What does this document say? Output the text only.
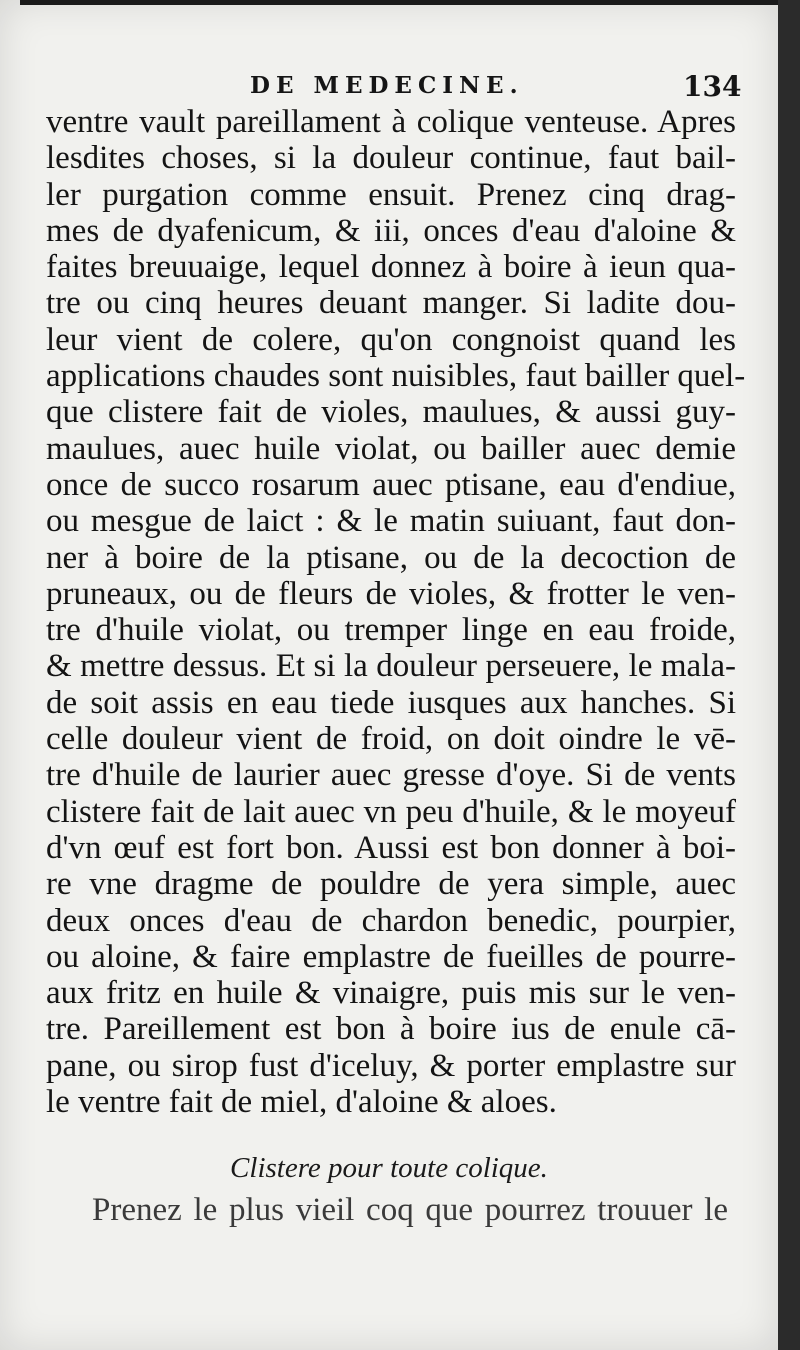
DE MEDECINE.	134
ventre vault pareillament à colique venteuse. Apres
lesdites choses, si la douleur continue, faut bail-
ler purgation comme ensuit. Prenez cinq drag-
mes de dyafenicum, & iii, onces d'eau d'aloine &
faites breuuaige, lequel donnez à boire à ieun qua-
tre ou cinq heures deuant manger. Si ladite dou-
leur vient de colere, qu'on congnoist quand les
applications chaudes sont nuisibles, faut bailler quel-
que clistere fait de violes, maulues, & aussi guy-
maulues, auec huile violat, ou bailler auec demie
once de succo rosarum auec ptisane, eau d'endiue,
ou mesgue de laict : & le matin suiuant, faut don-
ner à boire de la ptisane, ou de la decoction de
pruneaux, ou de fleurs de violes, & frotter le ven-
tre d'huile violat, ou tremper linge en eau froide,
& mettre dessus. Et si la douleur perseuere, le mala-
de soit assis en eau tiede iusques aux hanches. Si
celle douleur vient de froid, on doit oindre le vē-
tre d'huile de laurier auec gresse d'oye. Si de vents
clistere fait de lait auec vn peu d'huile, & le moyeuf
d'vn œuf est fort bon. Aussi est bon donner à boi-
re vne dragme de pouldre de yera simple, auec
deux onces d'eau de chardon benedic, pourpier,
ou aloine, & faire emplastre de fueilles de pourre-
aux fritz en huile & vinaigre, puis mis sur le ven-
tre. Pareillement est bon à boire ius de enule cā-
pane, ou sirop fust d'iceluy, & porter emplastre sur
le ventre fait de miel, d'aloine & aloes.
Clistere pour toute colique.
Prenez le plus vieil coq que pourrez trouuer le
